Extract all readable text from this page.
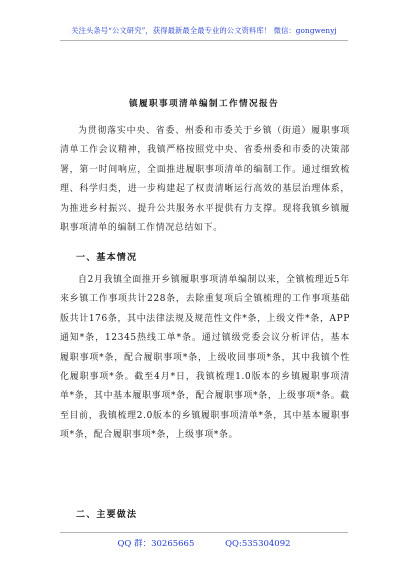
关注头条号“公文研究”，获得最新最全最专业的公文资料库！ 微信：gongwenyj
镇履职事项清单编制工作情况报告

为贯彻落实中央、省委、州委和市委关于乡镇（街道）履职事项清单工作会议精神，我镇严格按照党中央、省委州委和市委的决策部署，第一时间响应，全面推进履职事项清单的编制工作。通过细致梳理、科学归类，进一步构建起了权责清晰运行高效的基层治理体系，为推进乡村振兴、提升公共服务水平提供有力支撑。现将我镇乡镇履职事项清单的编制工作情况总结如下。

一、基本情况

自2月我镇全面推开乡镇履职事项清单编制以来，全镇梳理近5年来乡镇工作事项共计228条，去除重复项后全镇梳理的工作事项基础版共计176条，其中法律法规及规范性文件*条，上级文件*条，APP通知*条，12345热线工单*条。通过镇级党委会议分析评估，基本履职事项*条，配合履职事项*条，上级收回事项*条，其中我镇个性化履职事项*条。截至4月*日，我镇梳理1.0版本的乡镇履职事项清单*条，其中基本履职事项*条，配合履职事项*条，上级事项*条。截至目前，我镇梳理2.0版本的乡镇履职事项清单*条，其中基本履职事项*条，配合履职事项*条，上级事项*条。

二、主要做法
QQ 群：30265665	QQ:535304092
